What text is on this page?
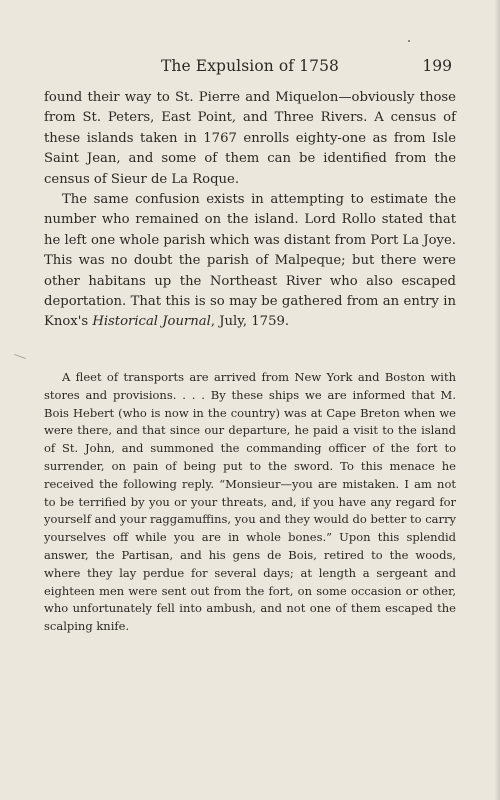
The Expulsion of 1758	199

found their way to St. Pierre and Miquelon—obviously those from St. Peters, East Point, and Three Rivers. A census of these islands taken in 1767 enrolls eighty-one as from Isle Saint Jean, and some of them can be identified from the census of Sieur de La Roque.

The same confusion exists in attempting to estimate the number who remained on the island. Lord Rollo stated that he left one whole parish which was distant from Port La Joye. This was no doubt the parish of Malpeque; but there were other habitans up the Northeast River who also escaped deportation. That this is so may be gathered from an entry in Knox's Historical Journal, July, 1759.

A fleet of transports are arrived from New York and Boston with stores and provisions. . . . By these ships we are informed that M. Bois Hebert (who is now in the country) was at Cape Breton when we were there, and that since our departure, he paid a visit to the island of St. John, and summoned the commanding officer of the fort to surrender, on pain of being put to the sword. To this menace he received the following reply. “Monsieur—you are mistaken. I am not to be terrified by you or your threats, and, if you have any regard for yourself and your raggamuffins, you and they would do better to carry yourselves off while you are in whole bones.” Upon this splendid answer, the Partisan, and his gens de Bois, retired to the woods, where they lay perdue for several days; at length a sergeant and eighteen men were sent out from the fort, on some occasion or other, who unfortunately fell into ambush, and not one of them escaped the scalping knife.
